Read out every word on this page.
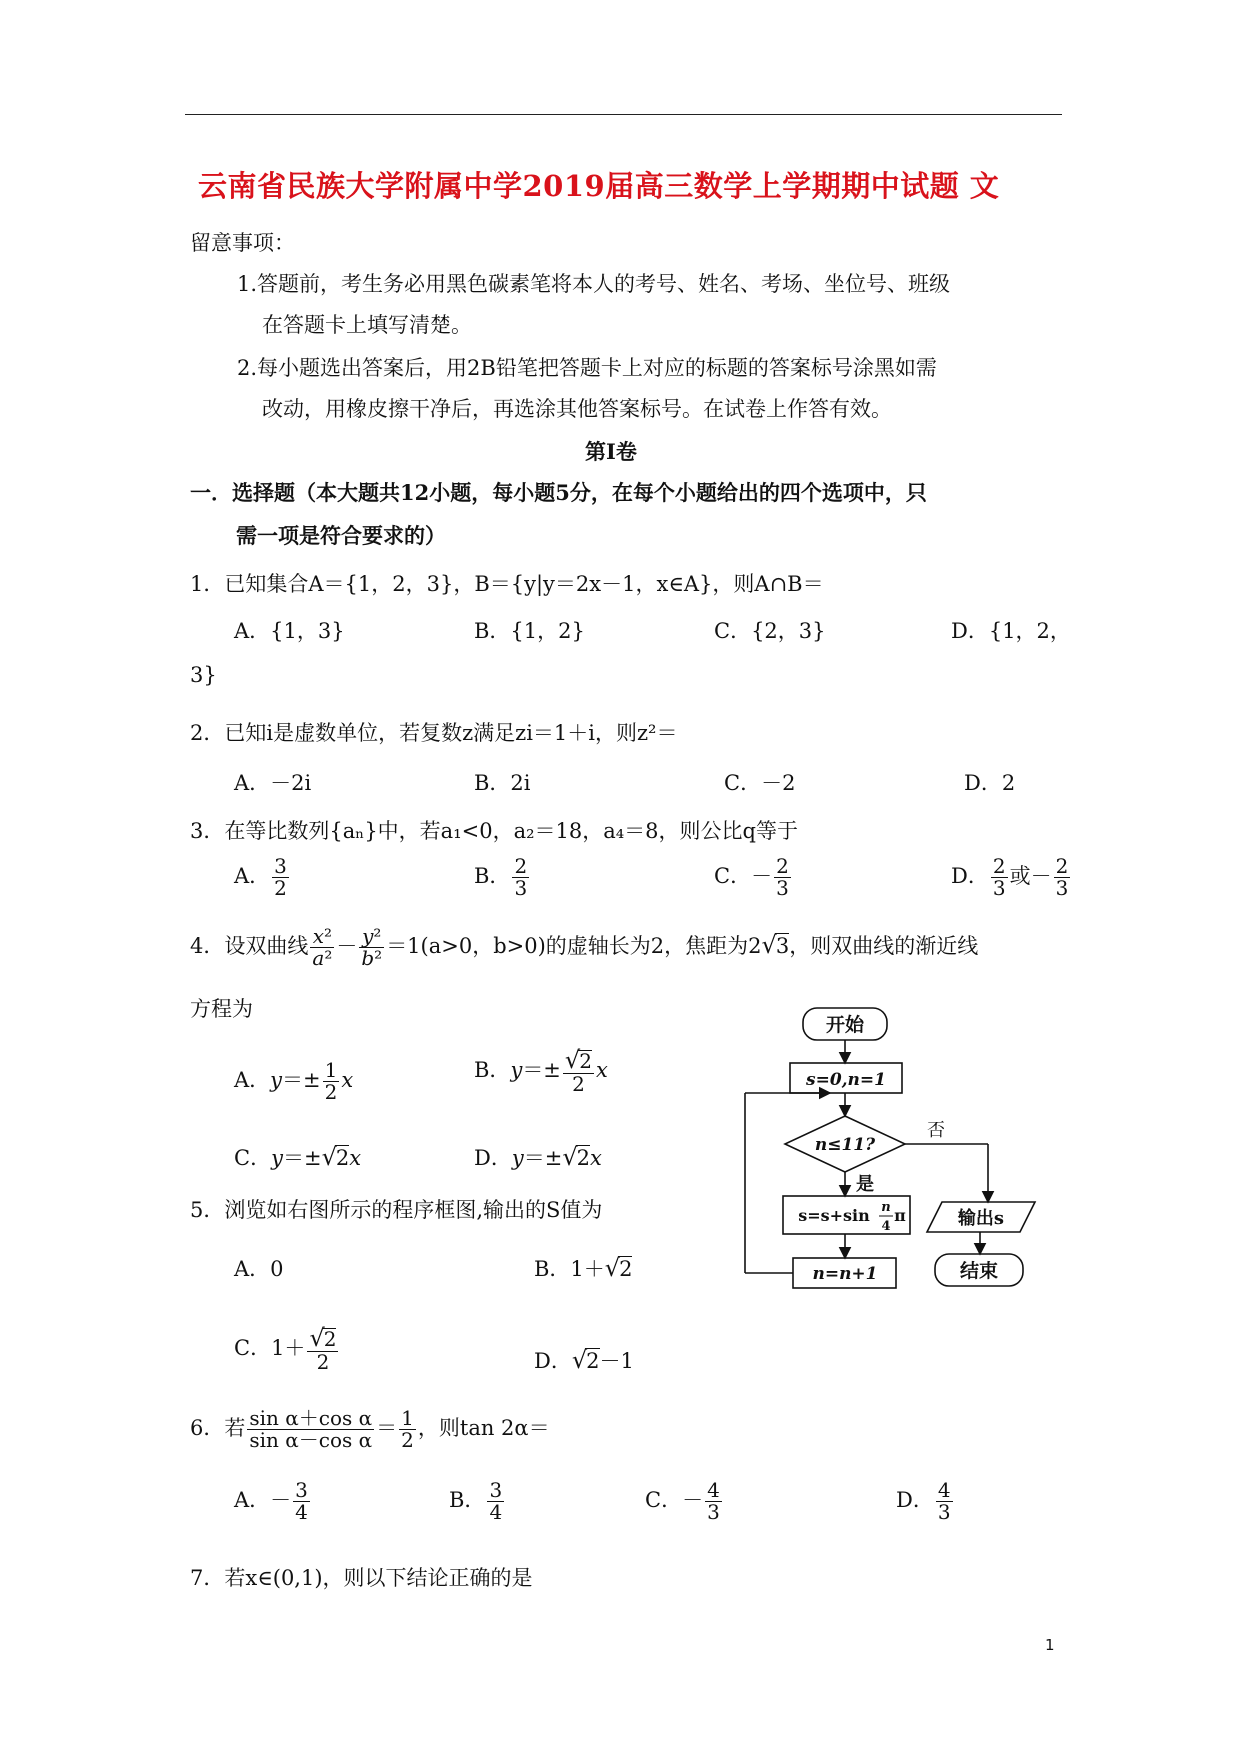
云南省民族大学附属中学2019届高三数学上学期期中试题 文
留意事项：
1.答题前，考生务必用黑色碳素笔将本人的考号、姓名、考场、坐位号、班级
在答题卡上填写清楚。
2.每小题选出答案后，用2B铅笔把答题卡上对应的标题的答案标号涂黑如需
改动，用橡皮擦干净后，再选涂其他答案标号。在试卷上作答有效。
第Ⅰ卷
一．选择题（本大题共12小题，每小题5分，在每个小题给出的四个选项中，只
需一项是符合要求的）
1．已知集合A＝{1，2，3}，B＝{y|y＝2x－1，x∈A}，则A∩B＝
A．{1，3}	B．{1，2}	C．{2，3}	D．{1，2，
3}
2．已知i是虚数单位，若复数z满足zi＝1＋i，则z²＝
A．－2i	B．2i	C．－2	D．2
3．在等比数列{aₙ}中，若a₁<0，a₂＝18，a₄＝8，则公比q等于
A． $\frac{3}{2}$	B． $\frac{2}{3}$	C．－ $\frac{2}{3}$	D． $\frac{2}{3}$ 或－ $\frac{2}{3}$
4．设双曲线 $\frac{\text{x²}}{\text{a²}} - \frac{\text{y²}}{\text{b²}} =1(a>0$，b>0)的虚轴长为2，焦距为2√3，则双曲线的渐近线
方程为
A．$y=\pm \frac{1}{2}$ x	B．$y=\pm \frac{√2}{2}$ x
C．y＝±√2x	D．y＝±√2x
5．浏览如右图所示的程序框图,输出的S值为
A．0	B．1＋√2
C．$1+ \frac{√2}{2}$	D．√2－1
6．若 $\frac{\text{sin α＋cos α}}{\text{sin α－cos α}} = \frac{1}{2}$ ，则tan 2α＝
A．－ $\frac{3}{4}$	B． $\frac{3}{4}$	C．－ $\frac{4}{3}$	D． $\frac{4}{3}$
7．若x∈(0,1)，则以下结论正确的是
开始
s=0,n=1
n≤11?
否
是
s=s+sin n
4
π
n=n+1
输出s
结束
1
